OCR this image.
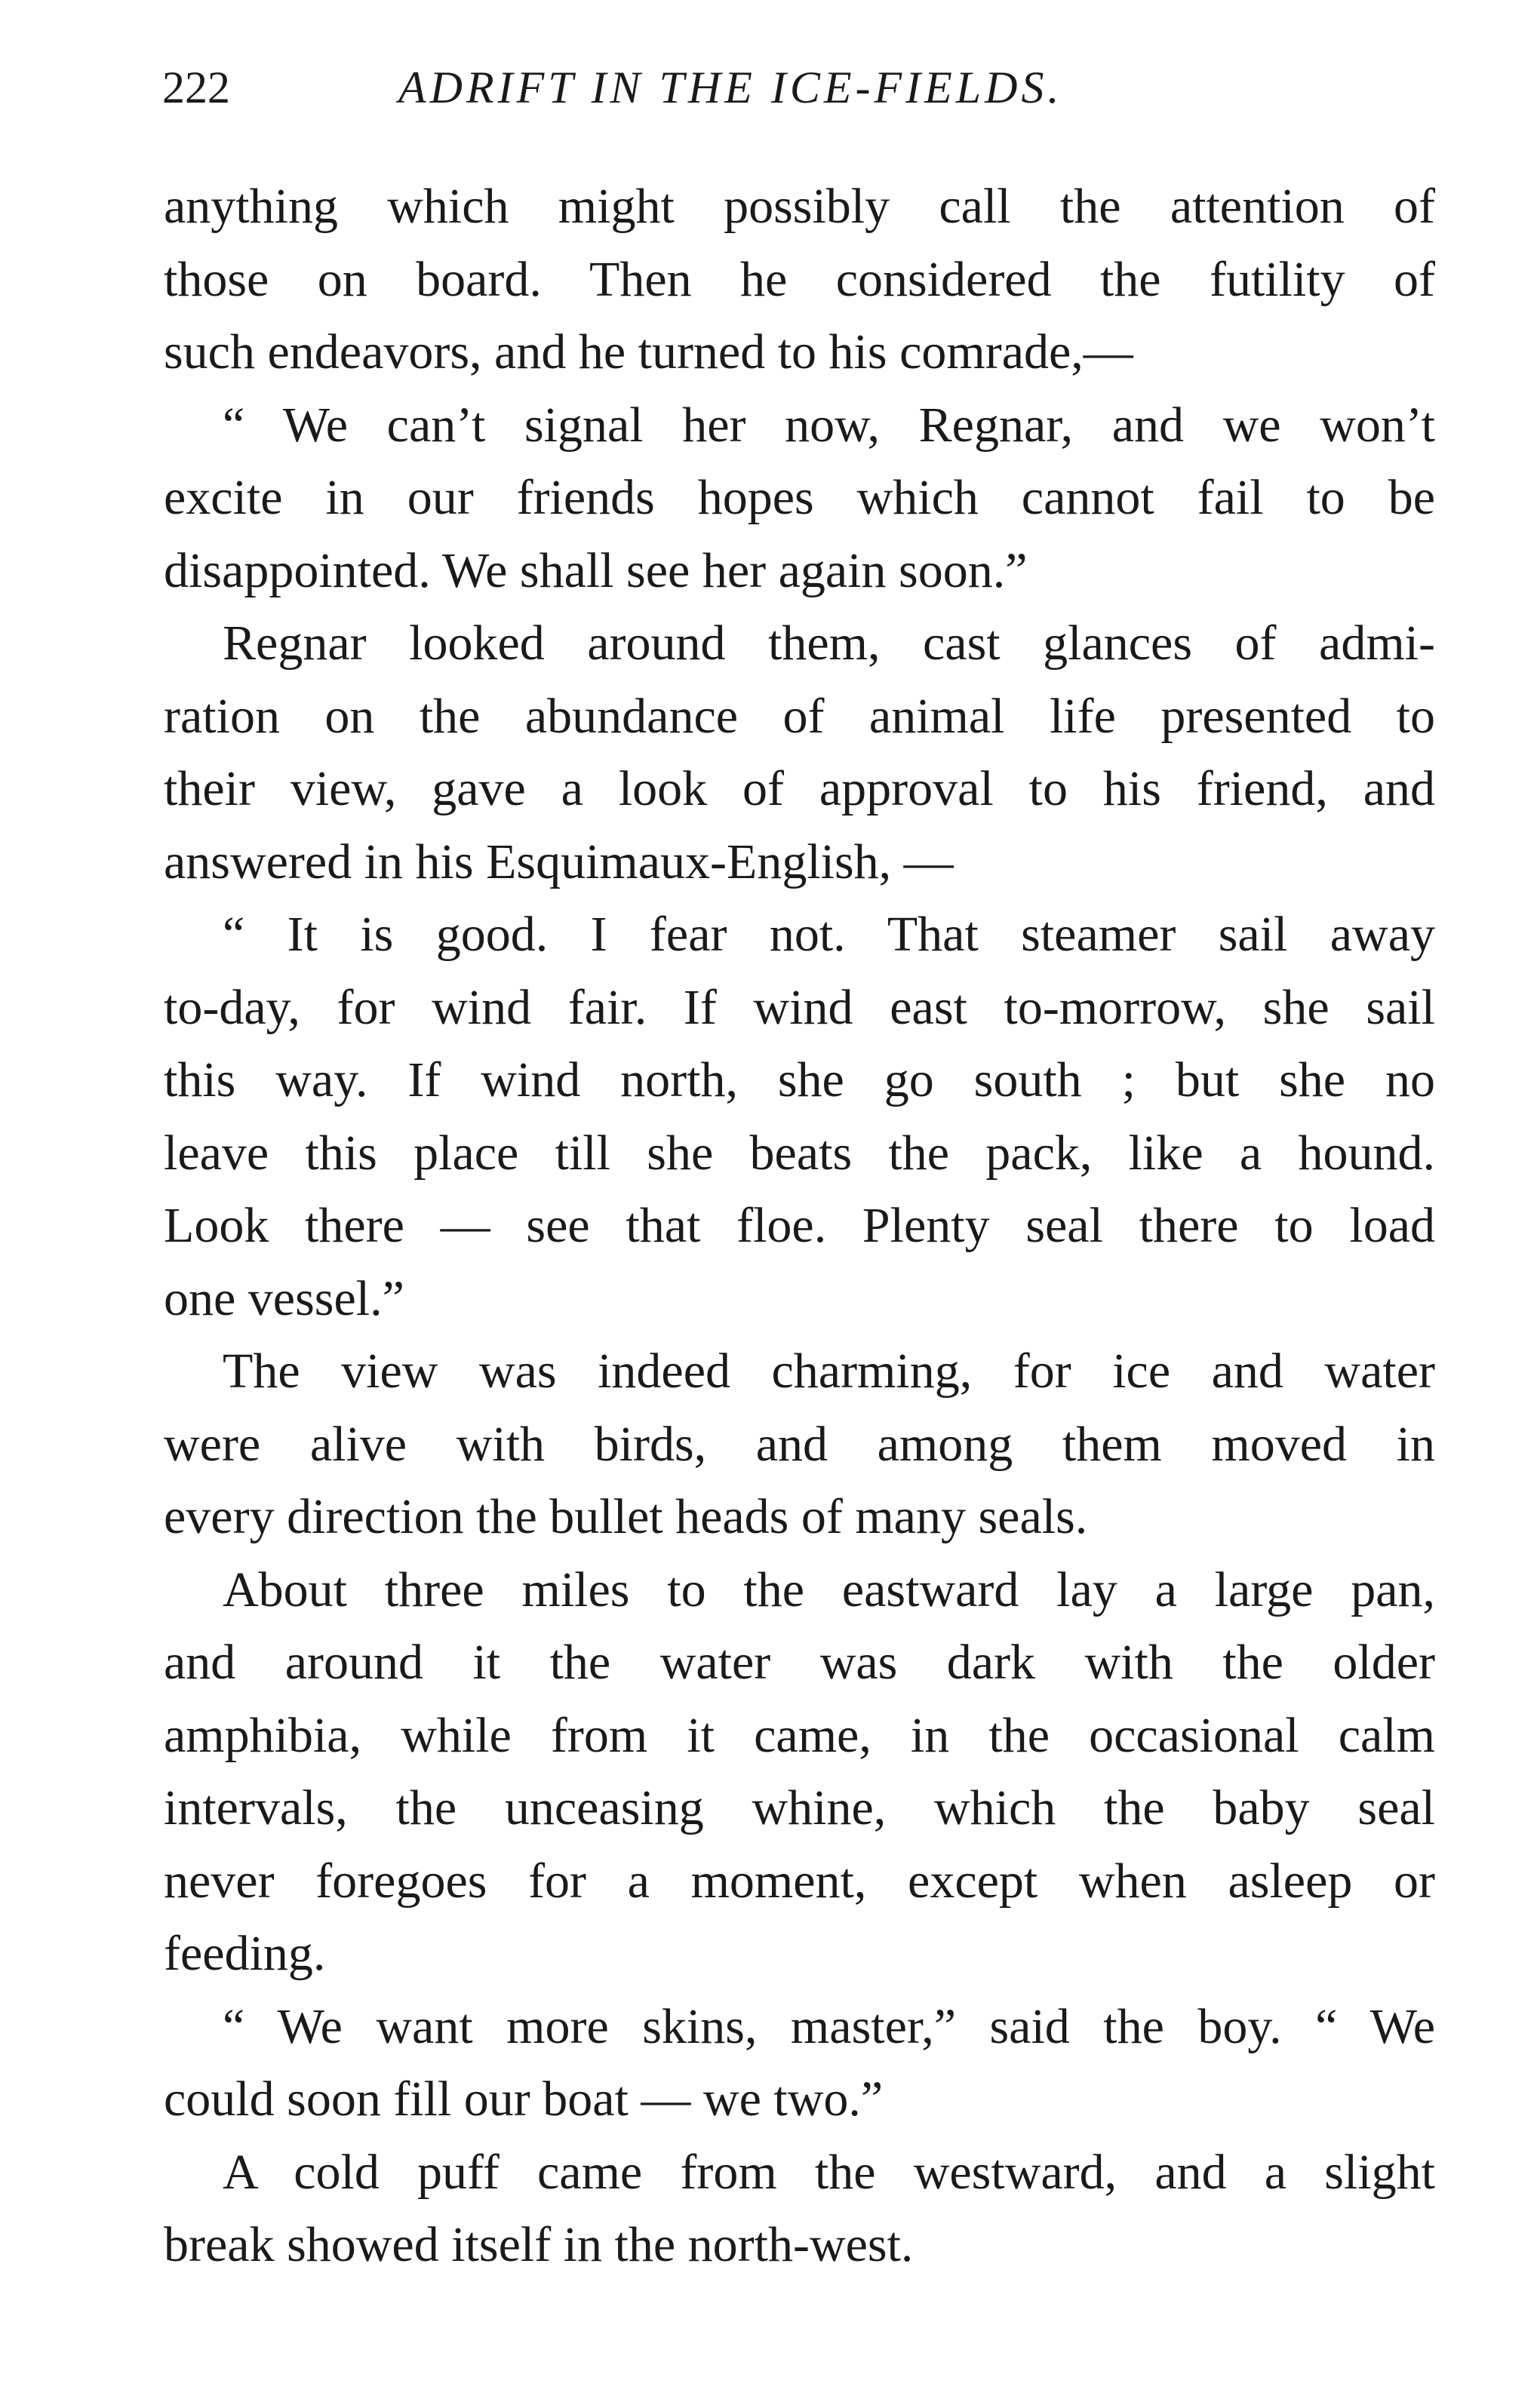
222	ADRIFT IN THE ICE-FIELDS.
anything which might possibly call the attention of
those on board. Then he considered the futility of
such endeavors, and he turned to his comrade,—
“ We can’t signal her now, Regnar, and we won’t
excite in our friends hopes which cannot fail to be
disappointed. We shall see her again soon.”
Regnar looked around them, cast glances of admi-
ration on the abundance of animal life presented to
their view, gave a look of approval to his friend, and
answered in his Esquimaux-English, —
“ It is good. I fear not. That steamer sail away
to-day, for wind fair. If wind east to-morrow, she sail
this way. If wind north, she go south ; but she no
leave this place till she beats the pack, like a hound.
Look there — see that floe. Plenty seal there to load
one vessel.”
The view was indeed charming, for ice and water
were alive with birds, and among them moved in
every direction the bullet heads of many seals.
About three miles to the eastward lay a large pan,
and around it the water was dark with the older
amphibia, while from it came, in the occasional calm
intervals, the unceasing whine, which the baby seal
never foregoes for a moment, except when asleep or
feeding.
“ We want more skins, master,” said the boy. “ We
could soon fill our boat — we two.”
A cold puff came from the westward, and a slight
break showed itself in the north-west.
